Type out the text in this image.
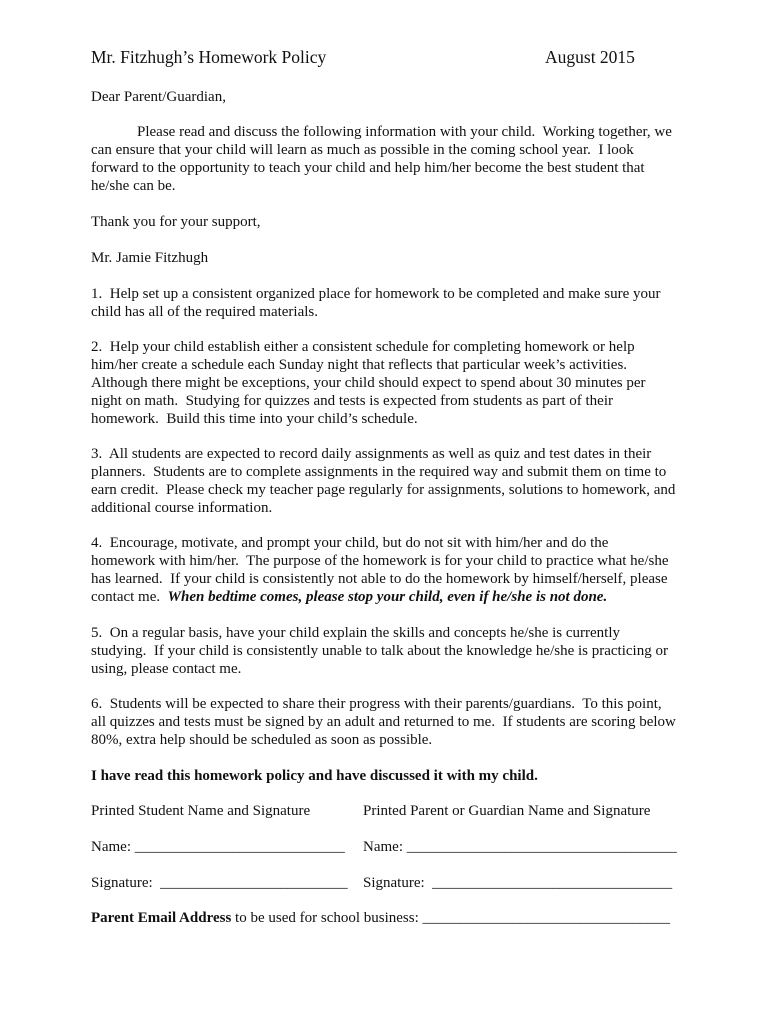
Mr. Fitzhugh’s Homework Policy	August 2015
Dear Parent/Guardian,
Please read and discuss the following information with your child.  Working together, we
can ensure that your child will learn as much as possible in the coming school year.  I look
forward to the opportunity to teach your child and help him/her become the best student that
he/she can be.
Thank you for your support,
Mr. Jamie Fitzhugh
1.  Help set up a consistent organized place for homework to be completed and make sure your
child has all of the required materials.
2.  Help your child establish either a consistent schedule for completing homework or help
him/her create a schedule each Sunday night that reflects that particular week’s activities.
Although there might be exceptions, your child should expect to spend about 30 minutes per
night on math.  Studying for quizzes and tests is expected from students as part of their
homework.  Build this time into your child’s schedule.
3.  All students are expected to record daily assignments as well as quiz and test dates in their
planners.  Students are to complete assignments in the required way and submit them on time to
earn credit.  Please check my teacher page regularly for assignments, solutions to homework, and
additional course information.
4.  Encourage, motivate, and prompt your child, but do not sit with him/her and do the
homework with him/her.  The purpose of the homework is for your child to practice what he/she
has learned.  If your child is consistently not able to do the homework by himself/herself, please
contact me.  When bedtime comes, please stop your child, even if he/she is not done.
5.  On a regular basis, have your child explain the skills and concepts he/she is currently
studying.  If your child is consistently unable to talk about the knowledge he/she is practicing or
using, please contact me.
6.  Students will be expected to share their progress with their parents/guardians.  To this point,
all quizzes and tests must be signed by an adult and returned to me.  If students are scoring below
80%, extra help should be scheduled as soon as possible.
I have read this homework policy and have discussed it with my child.
Printed Student Name and Signature	Printed Parent or Guardian Name and Signature
Name: ____________________________ Name: ____________________________________
Signature:  _________________________ Signature:  ________________________________
Parent Email Address to be used for school business: _________________________________
